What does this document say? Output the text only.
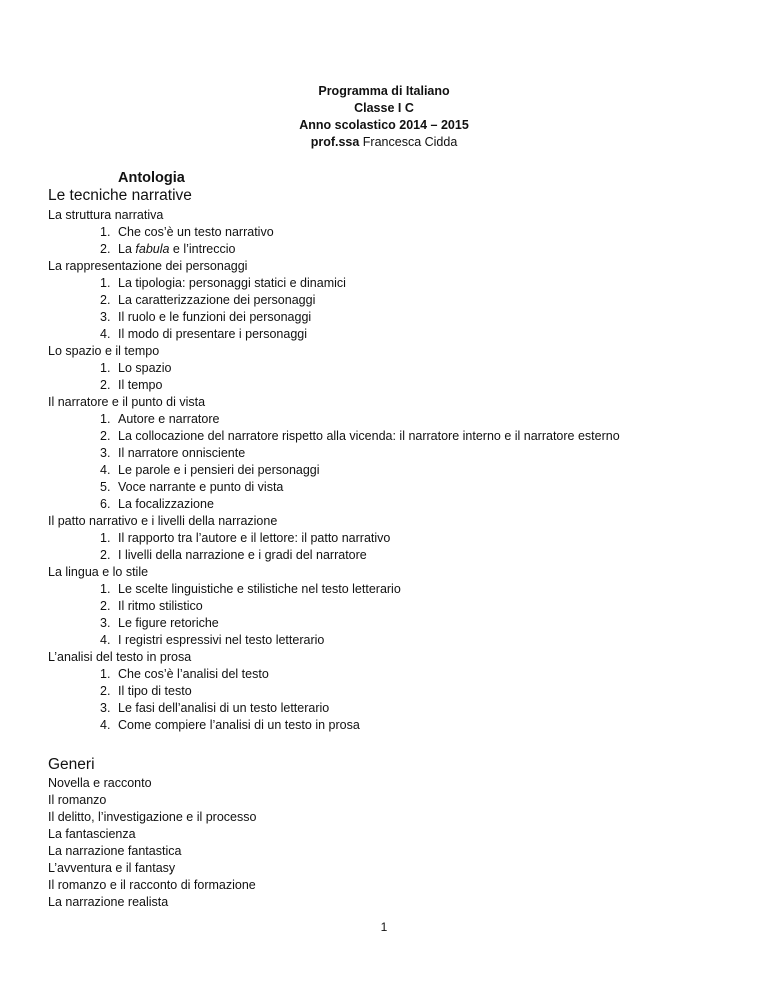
Programma di Italiano
Classe I C
Anno scolastico 2014 – 2015
prof.ssa Francesca Cidda
Antologia
Le tecniche narrative
La struttura narrativa
1. Che cos’è un testo narrativo
2. La fabula e l’intreccio
La rappresentazione dei personaggi
1. La tipologia: personaggi statici e dinamici
2. La caratterizzazione dei personaggi
3. Il ruolo e le funzioni dei personaggi
4. Il modo di presentare i personaggi
Lo spazio e il tempo
1. Lo spazio
2. Il tempo
Il narratore e il punto di vista
1. Autore e narratore
2. La collocazione del narratore rispetto alla vicenda: il narratore interno e il narratore esterno
3. Il narratore onnisciente
4. Le parole e i pensieri dei personaggi
5. Voce narrante e punto di vista
6. La focalizzazione
Il patto narrativo e i livelli della narrazione
1. Il rapporto tra l’autore e il lettore: il patto narrativo
2. I livelli della narrazione e i gradi del narratore
La lingua e lo stile
1. Le scelte linguistiche e stilistiche nel testo letterario
2. Il ritmo stilistico
3. Le figure retoriche
4. I registri espressivi nel testo letterario
L’analisi del testo in prosa
1. Che cos’è l’analisi del testo
2. Il tipo di testo
3. Le fasi dell’analisi di un testo letterario
4. Come compiere l’analisi di un testo in prosa
Generi
Novella e racconto
Il romanzo
Il delitto, l’investigazione e il processo
La fantascienza
La narrazione fantastica
L’avventura e il fantasy
Il romanzo e il racconto di formazione
La narrazione realista
1
